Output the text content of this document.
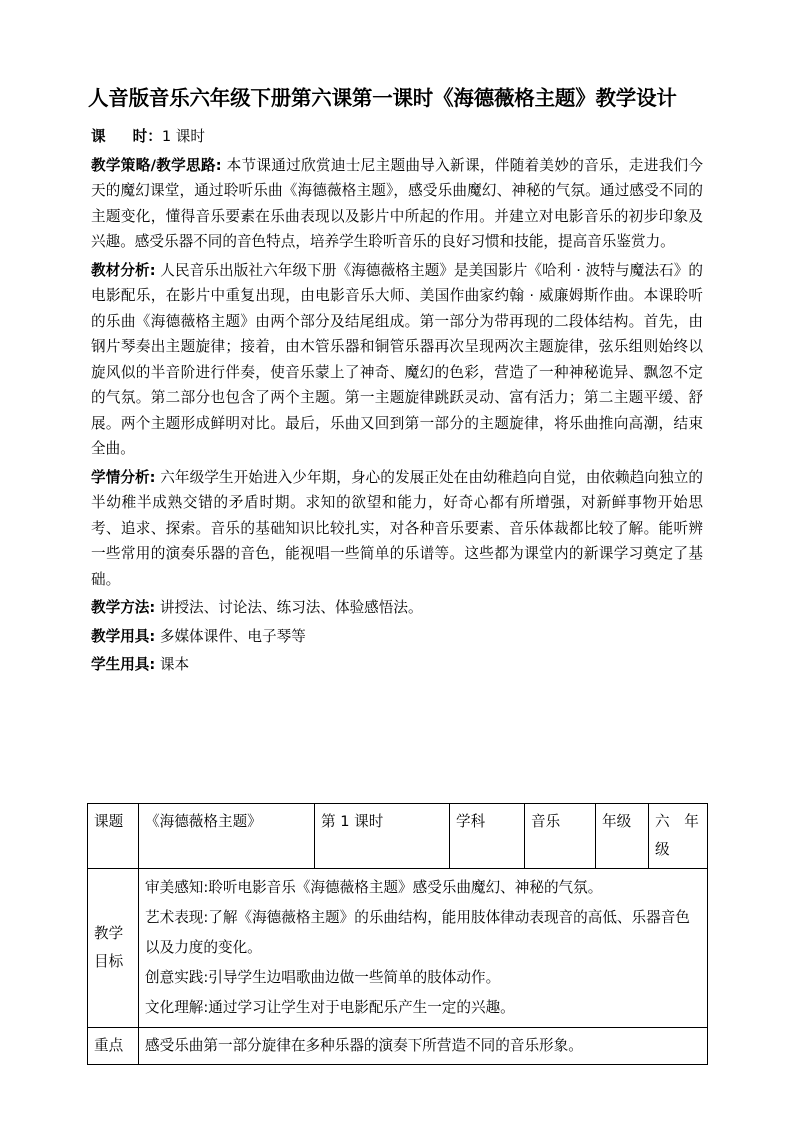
人音版音乐六年级下册第六课第一课时《海德薇格主题》教学设计

课时：1 课时

教学策略/教学思路: 本节课通过欣赏迪士尼主题曲导入新课，伴随着美妙的音乐，走进我们今天的魔幻课堂，通过聆听乐曲《海德薇格主题》，感受乐曲魔幻、神秘的气氛。通过感受不同的主题变化，懂得音乐要素在乐曲表现以及影片中所起的作用。并建立对电影音乐的初步印象及兴趣。感受乐器不同的音色特点，培养学生聆听音乐的良好习惯和技能，提高音乐鉴赏力。

教材分析: 人民音乐出版社六年级下册《海德薇格主题》是美国影片《哈利 · 波特与魔法石》的电影配乐，在影片中重复出现，由电影音乐大师、美国作曲家约翰 · 威廉姆斯作曲。本课聆听的乐曲《海德薇格主题》由两个部分及结尾组成。第一部分为带再现的二段体结构。首先，由钢片琴奏出主题旋律；接着，由木管乐器和铜管乐器再次呈现两次主题旋律，弦乐组则始终以旋风似的半音阶进行伴奏，使音乐蒙上了神奇、魔幻的色彩，营造了一种神秘诡异、飘忽不定的气氛。第二部分也包含了两个主题。第一主题旋律跳跃灵动、富有活力；第二主题平缓、舒展。两个主题形成鲜明对比。最后，乐曲又回到第一部分的主题旋律，将乐曲推向高潮，结束全曲。

学情分析: 六年级学生开始进入少年期，身心的发展正处在由幼稚趋向自觉，由依赖趋向独立的半幼稚半成熟交错的矛盾时期。求知的欲望和能力，好奇心都有所增强，对新鲜事物开始思考、追求、探索。音乐的基础知识比较扎实，对各种音乐要素、音乐体裁都比较了解。能听辨一些常用的演奏乐器的音色，能视唱一些简单的乐谱等。这些都为课堂内的新课学习奠定了基础。

教学方法: 讲授法、讨论法、练习法、体验感悟法。

教学用具: 多媒体课件、电子琴等

学生用具: 课本

课题	《海德薇格主题》	第 1 课时	学科	音乐	年级	六　年级
教学目标	审美感知:聆听电影音乐《海德薇格主题》感受乐曲魔幻、神秘的气氛。

艺术表现:了解《海德薇格主题》的乐曲结构，能用肢体律动表现音的高低、乐器音色以及力度的变化。

创意实践:引导学生边唱歌曲边做一些简单的肢体动作。

文化理解:通过学习让学生对于电影配乐产生一定的兴趣。					

重点	感受乐曲第一部分旋律在多种乐器的演奏下所营造不同的音乐形象。					
